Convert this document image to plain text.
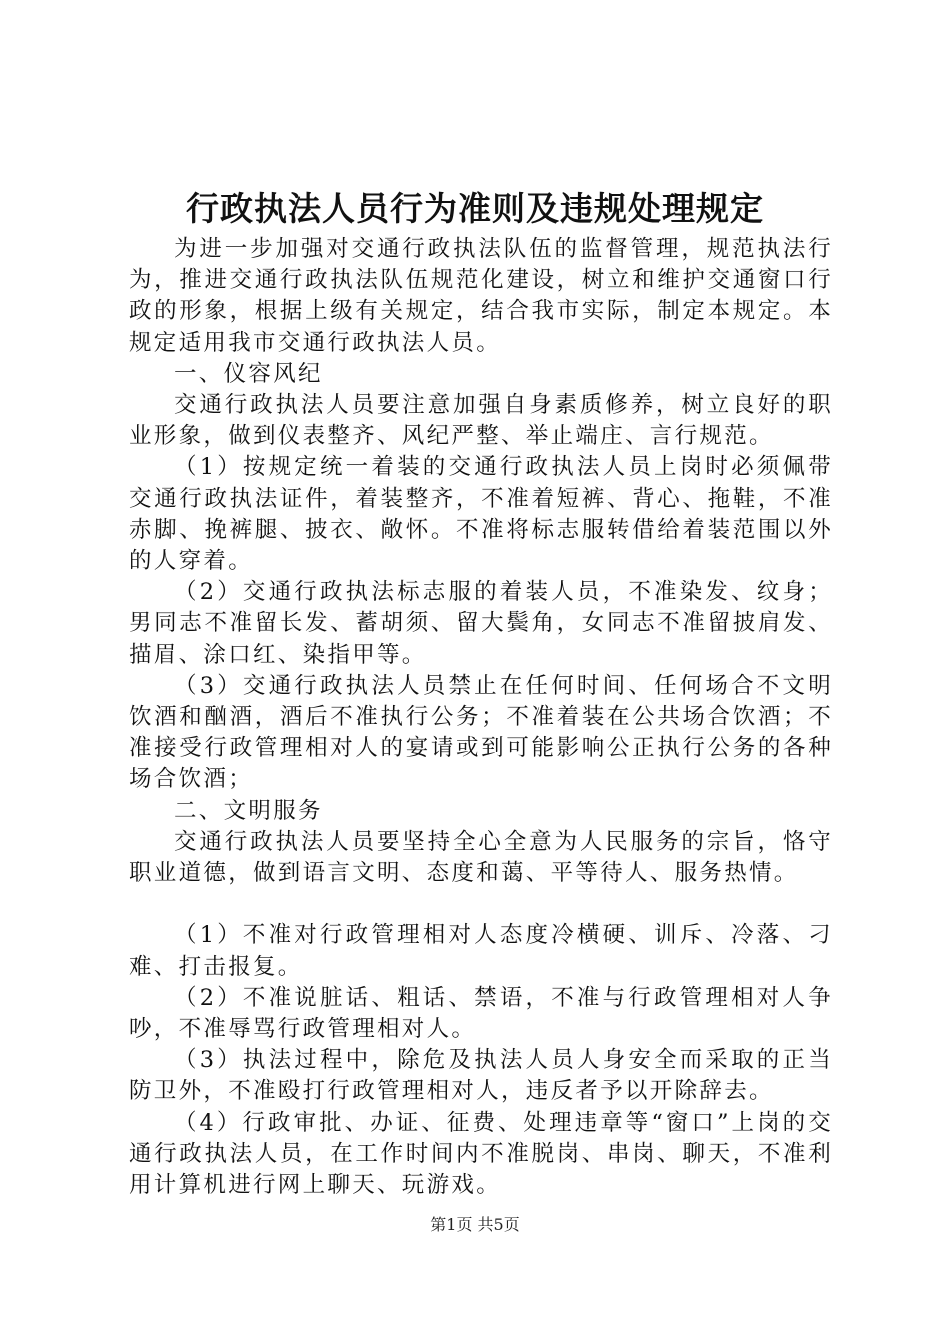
行政执法人员行为准则及违规处理规定

为进一步加强对交通行政执法队伍的监督管理，规范执法行为，推进交通行政执法队伍规范化建设，树立和维护交通窗口行政的形象，根据上级有关规定，结合我市实际，制定本规定。本规定适用我市交通行政执法人员。

一、仪容风纪

交通行政执法人员要注意加强自身素质修养，树立良好的职业形象，做到仪表整齐、风纪严整、举止端庄、言行规范。

（1）按规定统一着装的交通行政执法人员上岗时必须佩带交通行政执法证件，着装整齐，不准着短裤、背心、拖鞋，不准赤脚、挽裤腿、披衣、敞怀。不准将标志服转借给着装范围以外的人穿着。

（2）交通行政执法标志服的着装人员，不准染发、纹身；男同志不准留长发、蓄胡须、留大鬓角，女同志不准留披肩发、描眉、涂口红、染指甲等。

（3）交通行政执法人员禁止在任何时间、任何场合不文明饮酒和酗酒，酒后不准执行公务；不准着装在公共场合饮酒；不准接受行政管理相对人的宴请或到可能影响公正执行公务的各种场合饮酒；

二、文明服务

交通行政执法人员要坚持全心全意为人民服务的宗旨，恪守职业道德，做到语言文明、态度和蔼、平等待人、服务热情。

（1）不准对行政管理相对人态度冷横硬、训斥、冷落、刁难、打击报复。

（2）不准说脏话、粗话、禁语，不准与行政管理相对人争吵，不准辱骂行政管理相对人。

（3）执法过程中，除危及执法人员人身安全而采取的正当防卫外，不准殴打行政管理相对人，违反者予以开除辞去。

（4）行政审批、办证、征费、处理违章等“窗口”上岗的交通行政执法人员，在工作时间内不准脱岗、串岗、聊天，不准利用计算机进行网上聊天、玩游戏。

第1页 共5页
